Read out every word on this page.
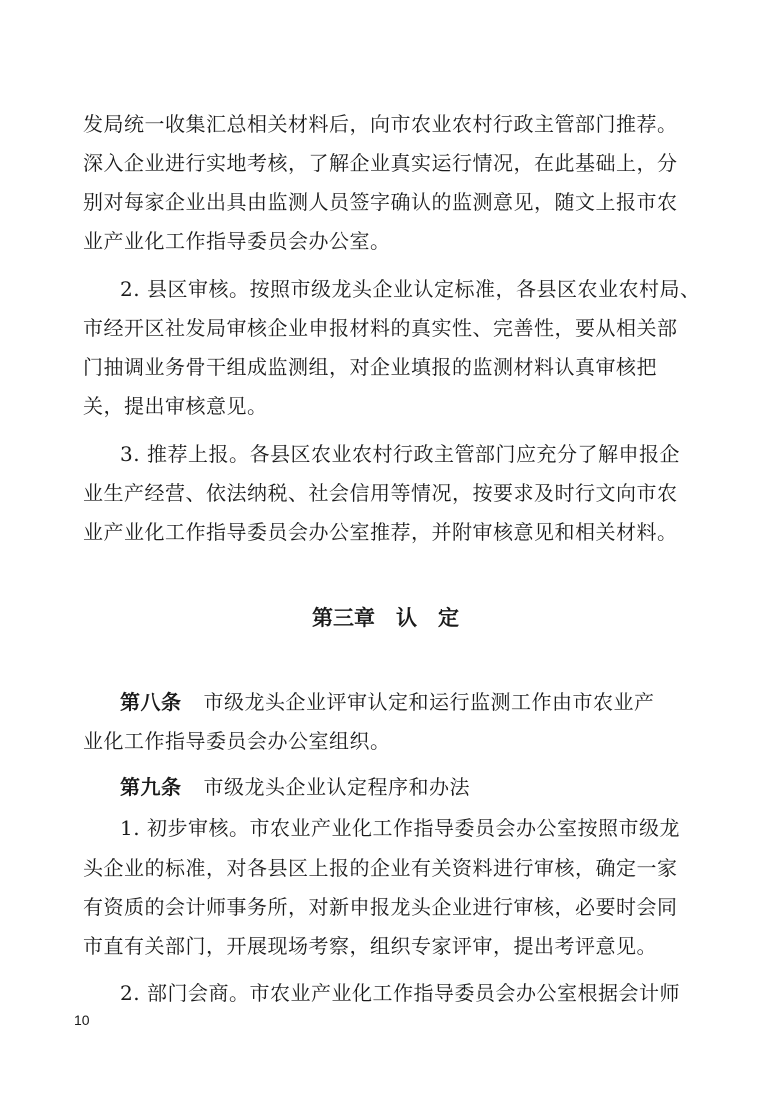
发局统一收集汇总相关材料后，向市农业农村行政主管部门推荐。
深入企业进行实地考核，了解企业真实运行情况，在此基础上，分
别对每家企业出具由监测人员签字确认的监测意见，随文上报市农
业产业化工作指导委员会办公室。
2. 县区审核。按照市级龙头企业认定标准，各县区农业农村局、
市经开区社发局审核企业申报材料的真实性、完善性，要从相关部
门抽调业务骨干组成监测组，对企业填报的监测材料认真审核把
关，提出审核意见。
3. 推荐上报。各县区农业农村行政主管部门应充分了解申报企
业生产经营、依法纳税、社会信用等情况，按要求及时行文向市农
业产业化工作指导委员会办公室推荐，并附审核意见和相关材料。
第三章　认　定
第八条 市级龙头企业评审认定和运行监测工作由市农业产
业化工作指导委员会办公室组织。
第九条 市级龙头企业认定程序和办法
1. 初步审核。市农业产业化工作指导委员会办公室按照市级龙
头企业的标准，对各县区上报的企业有关资料进行审核，确定一家
有资质的会计师事务所，对新申报龙头企业进行审核，必要时会同
市直有关部门，开展现场考察，组织专家评审，提出考评意见。
2. 部门会商。市农业产业化工作指导委员会办公室根据会计师
10
